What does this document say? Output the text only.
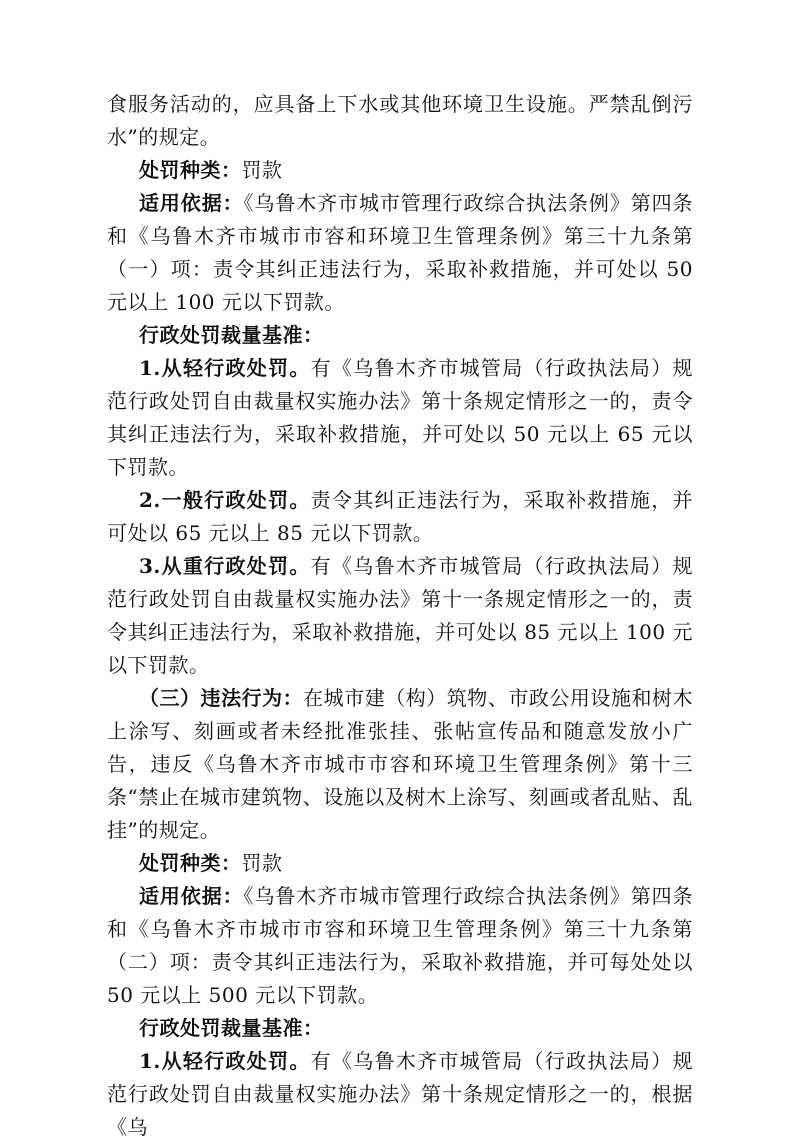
食服务活动的，应具备上下水或其他环境卫生设施。严禁乱倒污水”的规定。

处罚种类：罚款

适用依据：《乌鲁木齐市城市管理行政综合执法条例》第四条和《乌鲁木齐市城市市容和环境卫生管理条例》第三十九条第（一）项：责令其纠正违法行为，采取补救措施，并可处以 50 元以上 100 元以下罚款。

行政处罚裁量基准：

1.从轻行政处罚。有《乌鲁木齐市城管局（行政执法局）规范行政处罚自由裁量权实施办法》第十条规定情形之一的，责令其纠正违法行为，采取补救措施，并可处以 50 元以上 65 元以下罚款。

2.一般行政处罚。责令其纠正违法行为，采取补救措施，并可处以 65 元以上 85 元以下罚款。

3.从重行政处罚。有《乌鲁木齐市城管局（行政执法局）规范行政处罚自由裁量权实施办法》第十一条规定情形之一的，责令其纠正违法行为，采取补救措施，并可处以 85 元以上 100 元以下罚款。

（三）违法行为：在城市建（构）筑物、市政公用设施和树木上涂写、刻画或者未经批准张挂、张帖宣传品和随意发放小广告，违反《乌鲁木齐市城市市容和环境卫生管理条例》第十三条“禁止在城市建筑物、设施以及树木上涂写、刻画或者乱贴、乱挂”的规定。

处罚种类：罚款

适用依据：《乌鲁木齐市城市管理行政综合执法条例》第四条和《乌鲁木齐市城市市容和环境卫生管理条例》第三十九条第（二）项：责令其纠正违法行为，采取补救措施，并可每处处以 50 元以上 500 元以下罚款。

行政处罚裁量基准：

1.从轻行政处罚。有《乌鲁木齐市城管局（行政执法局）规范行政处罚自由裁量权实施办法》第十条规定情形之一的，根据《乌
